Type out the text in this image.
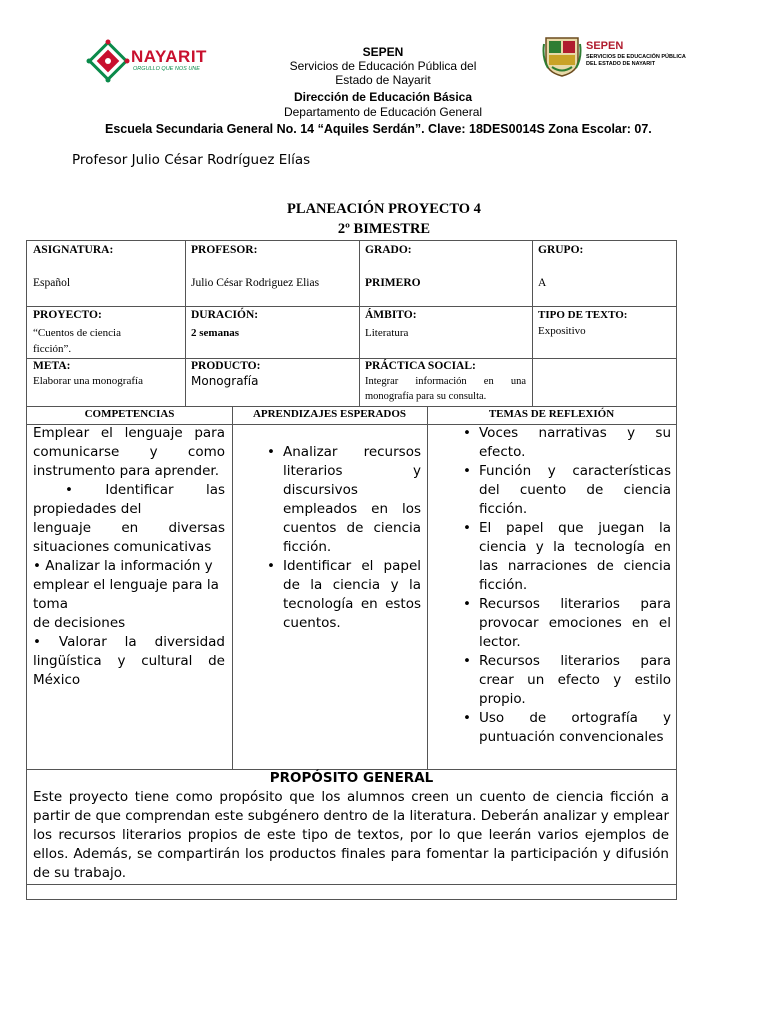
NAYARIT
ORGULLO QUE NOS UNE
SEPEN
SERVICIOS DE EDUCACIÓN PÚBLICA
DEL ESTADO DE NAYARIT
SEPEN
Servicios de Educación Pública del
Estado de Nayarit
Dirección de Educación Básica
Departamento de Educación General
Escuela Secundaria General No. 14 “Aquiles Serdán”. Clave: 18DES0014S Zona Escolar: 07.
Profesor Julio César Rodríguez Elías
PLANEACIÓN PROYECTO 4
2º BIMESTRE
ASIGNATURA:
Español
PROFESOR:
Julio César Rodriguez Elias
GRADO:
PRIMERO
GRUPO:
A
PROYECTO:
“Cuentos de ciencia
ficción”.
DURACIÓN:
2 semanas
ÁMBITO:
Literatura
TIPO DE TEXTO:
Expositivo
META:
Elaborar una monografía
PRODUCTO:
Monografía
PRÁCTICA SOCIAL:
Integrar información en una monografía para su consulta.
COMPETENCIAS	APRENDIZAJES ESPERADOS	TEMAS DE REFLEXIÓN
Emplear el lenguaje para
comunicarse y como
instrumento para aprender.
• Identificar las
propiedades del
lenguaje en diversas
situaciones comunicativas
• Analizar la información y
emplear el lenguaje para la
toma
de decisiones
• Valorar la diversidad
lingüística y cultural de
México
• Analizar recursos literarios y discursivos empleados en los cuentos de ciencia ficción.
• Identificar el papel de la ciencia y la tecnología en estos cuentos.
• Voces narrativas y su efecto.
• Función y características del cuento de ciencia ficción.
• El papel que juegan la ciencia y la tecnología en las narraciones de ciencia ficción.
• Recursos literarios para provocar emociones en el lector.
• Recursos literarios para crear un efecto y estilo propio.
• Uso de ortografía y puntuación convencionales
PROPÓSITO GENERAL
Este proyecto tiene como propósito que los alumnos creen un cuento de ciencia ficción a partir de que comprendan este subgénero dentro de la literatura. Deberán analizar y emplear los recursos literarios propios de este tipo de textos, por lo que leerán varios ejemplos de ellos. Además, se compartirán los productos finales para fomentar la participación y difusión de su trabajo.
